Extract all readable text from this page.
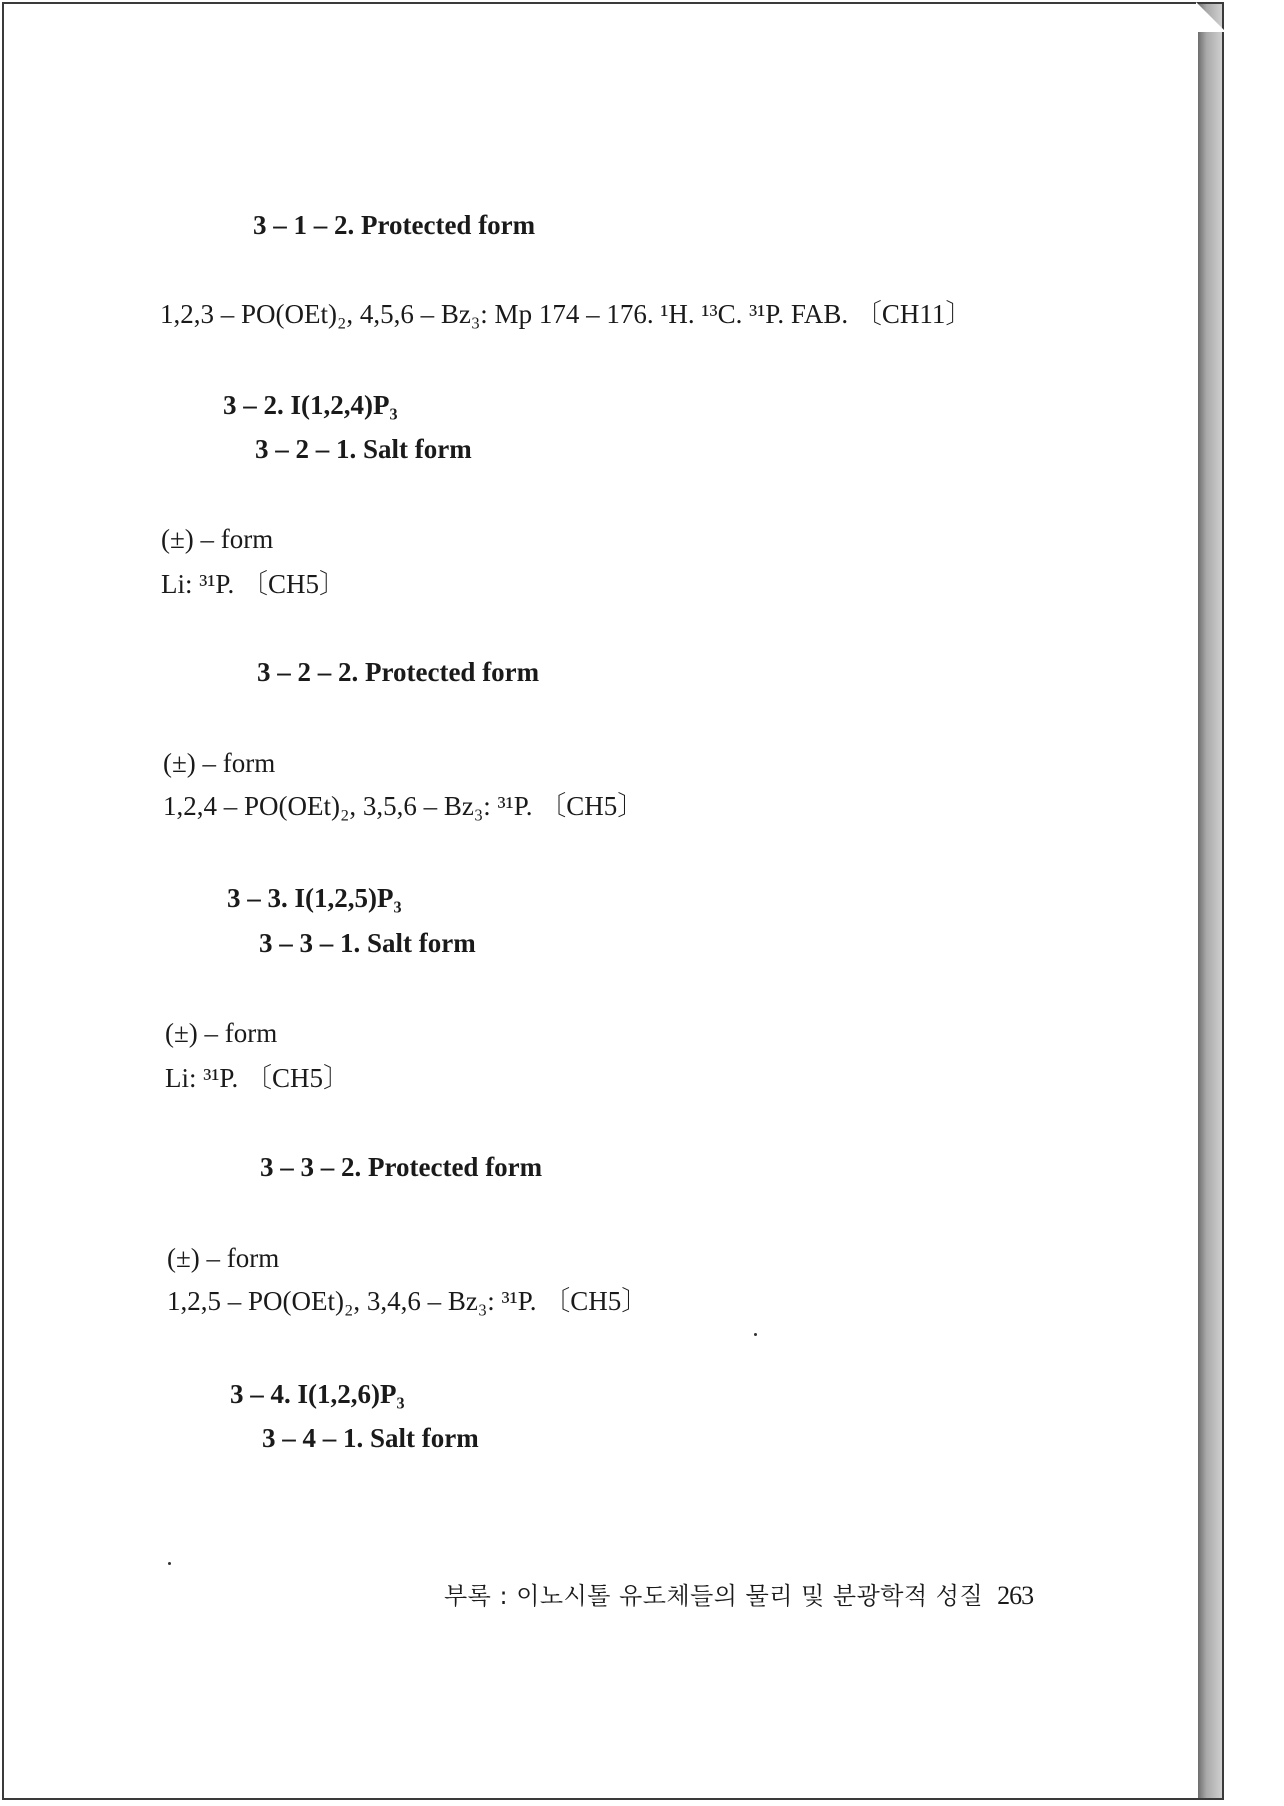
3 – 1 – 2. Protected form
1,2,3 – PO(OEt)₂, 4,5,6 – Bz₃: Mp 174 – 176. ¹H. ¹³C. ³¹P. FAB. 〔CH11〕
3 – 2. I(1,2,4)P₃
3 – 2 – 1. Salt form
(±) – form
Li: ³¹P. 〔CH5〕
3 – 2 – 2. Protected form
(±) – form
1,2,4 – PO(OEt)₂, 3,5,6 – Bz₃: ³¹P. 〔CH5〕
3 – 3. I(1,2,5)P₃
3 – 3 – 1. Salt form
(±) – form
Li: ³¹P. 〔CH5〕
3 – 3 – 2. Protected form
(±) – form
1,2,5 – PO(OEt)₂, 3,4,6 – Bz₃: ³¹P. 〔CH5〕
3 – 4. I(1,2,6)P₃
3 – 4 – 1. Salt form
부록 : 이노시톨 유도체들의 물리 및 분광학적 성질 263
